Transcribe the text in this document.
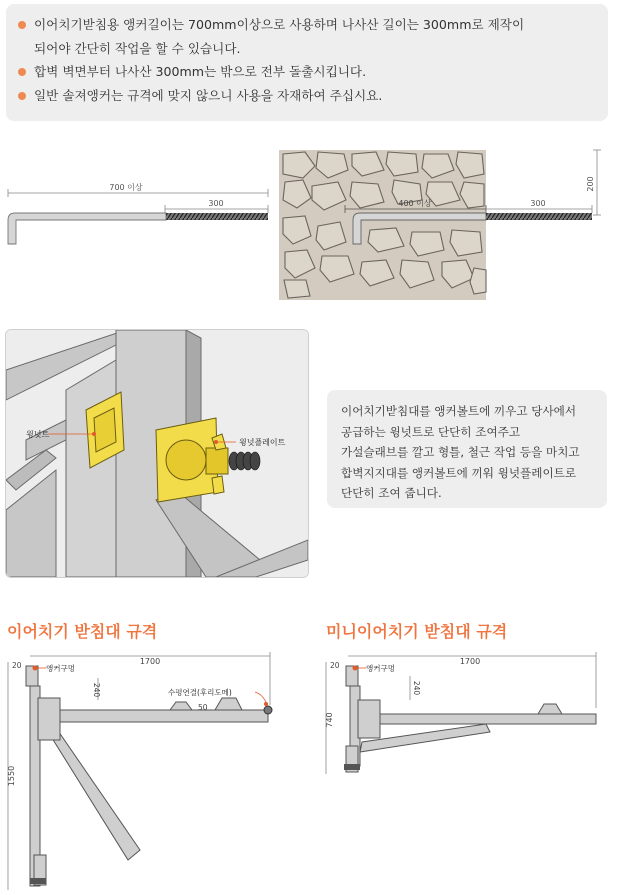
이어치기받침용 앵커길이는 700mm이상으로 사용하며 나사산 길이는 300mm로 제작이
되어야 간단히 작업을 할 수 있습니다.
합벽 벽면부터 나사산 300mm는 밖으로 전부 돌출시킵니다.
일반 솔져앵커는 규격에 맞지 않으니 사용을 자재하여 주십시요.
700 이상
300	400 이상	300
200
윙넛트
윙넛플레이트
이어치기받침대를 앵커볼트에 끼우고 당사에서
공급하는 윙넛트로 단단히 조여주고
가설슬래브를 깔고 형틀, 철근 작업 등을 마치고
합벽지지대를 앵커볼트에 끼워 윙넛플레이트로
단단히 조여 줍니다.
이어치기 받침대 규격	미니이어치기 받침대 규격
1700
20
1550
앵커구멍
240	수평연결(후리도메)
50
1700
20
740
앵커구멍
240
